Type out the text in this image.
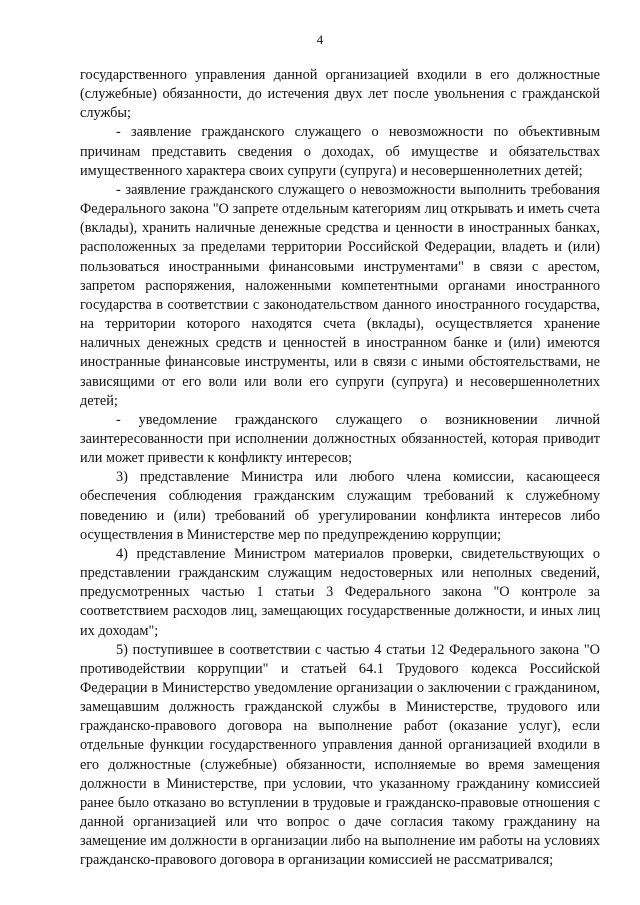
4

государственного управления данной организацией входили в его должностные (служебные) обязанности, до истечения двух лет после увольнения с гражданской службы;

- заявление гражданского служащего о невозможности по объективным причинам представить сведения о доходах, об имуществе и обязательствах имущественного характера своих супруги (супруга) и несовершеннолетних детей;

- заявление гражданского служащего о невозможности выполнить требования Федерального закона "О запрете отдельным категориям лиц открывать и иметь счета (вклады), хранить наличные денежные средства и ценности в иностранных банках, расположенных за пределами территории Российской Федерации, владеть и (или) пользоваться иностранными финансовыми инструментами" в связи с арестом, запретом распоряжения, наложенными компетентными органами иностранного государства в соответствии с законодательством данного иностранного государства, на территории которого находятся счета (вклады), осуществляется хранение наличных денежных средств и ценностей в иностранном банке и (или) имеются иностранные финансовые инструменты, или в связи с иными обстоятельствами, не зависящими от его воли или воли его супруги (супруга) и несовершеннолетних детей;

- уведомление гражданского служащего о возникновении личной заинтересованности при исполнении должностных обязанностей, которая приводит или может привести к конфликту интересов;

3) представление Министра или любого члена комиссии, касающееся обеспечения соблюдения гражданским служащим требований к служебному поведению и (или) требований об урегулировании конфликта интересов либо осуществления в Министерстве мер по предупреждению коррупции;

4) представление Министром материалов проверки, свидетельствующих о представлении гражданским служащим недостоверных или неполных сведений, предусмотренных частью 1 статьи 3 Федерального закона "О контроле за соответствием расходов лиц, замещающих государственные должности, и иных лиц их доходам";

5) поступившее в соответствии с частью 4 статьи 12 Федерального закона "О противодействии коррупции" и статьей 64.1 Трудового кодекса Российской Федерации в Министерство уведомление организации о заключении с гражданином, замещавшим должность гражданской службы в Министерстве, трудового или гражданско-правового договора на выполнение работ (оказание услуг), если отдельные функции государственного управления данной организацией входили в его должностные (служебные) обязанности, исполняемые во время замещения должности в Министерстве, при условии, что указанному гражданину комиссией ранее было отказано во вступлении в трудовые и гражданско-правовые отношения с данной организацией или что вопрос о даче согласия такому гражданину на замещение им должности в организации либо на выполнение им работы на условиях гражданско-правового договора в организации комиссией не рассматривался;
